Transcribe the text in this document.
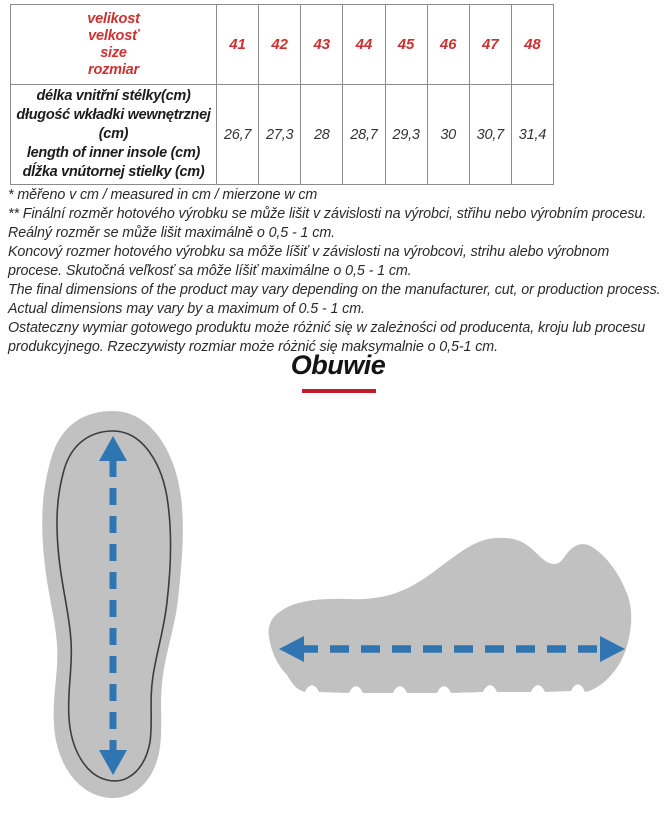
velikost
velkosť
size
rozmiar	41	42	43	44	45	46	47	48

délka vnitřní stélky(cm)
długość wkładki wewnętrznej (cm)
length of inner insole (cm)
dĺžka vnútornej stielky (cm)	26,7	27,3	28	28,7	29,3	30	30,7	31,4

* měřeno v cm / measured in cm / mierzone w cm

** Finální rozměr hotového výrobku se může lišit v závislosti na výrobci, střihu nebo výrobním procesu. Reálný rozměr se může lišit maximálně o 0,5 - 1 cm.

Koncový rozmer hotového výrobku sa môže líšiť v závislosti na výrobcovi, strihu alebo výrobnom procese. Skutočná veľkosť sa môže líšiť maximálne o 0,5 - 1 cm.

The final dimensions of the product may vary depending on the manufacturer, cut, or production process. Actual dimensions may vary by a maximum of 0.5 - 1 cm.

Ostateczny wymiar gotowego produktu może różnić się w zależności od producenta, kroju lub procesu produkcyjnego. Rzeczywisty rozmiar może różnić się maksymalnie o 0,5-1 cm.

Obuwie
